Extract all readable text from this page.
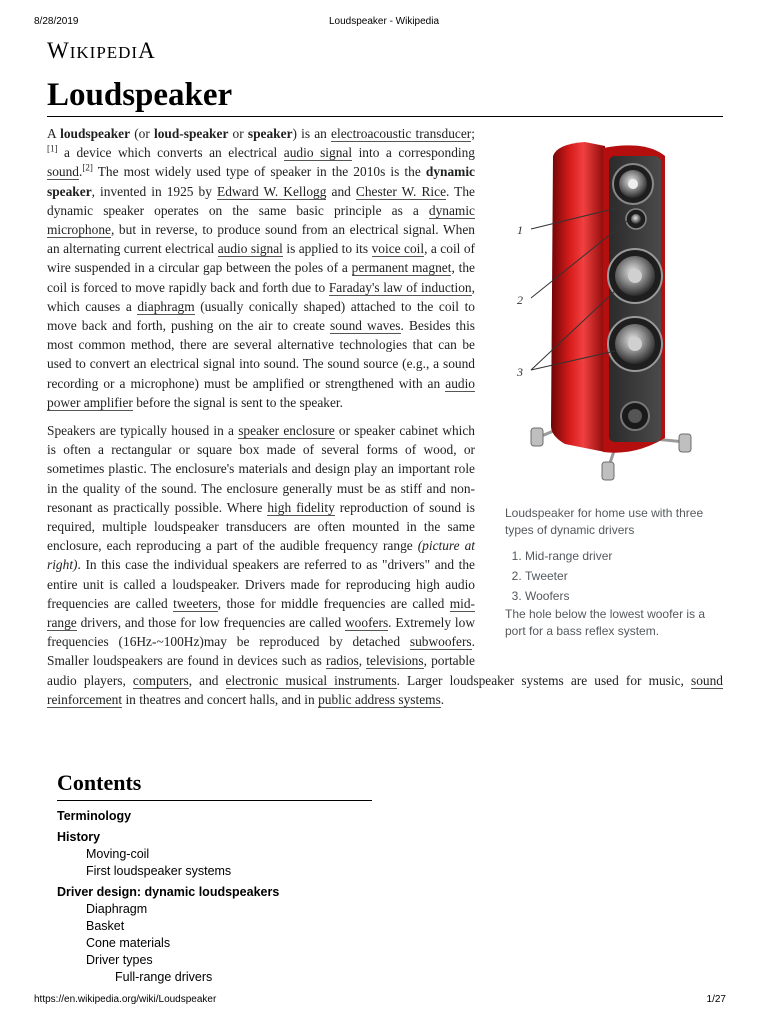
8/28/2019	Loudspeaker - Wikipedia
WIKIPEDIA
Loudspeaker
1
2
3
Loudspeaker for home use with three types of dynamic drivers
1. Mid-range driver
2. Tweeter
3. Woofers
The hole below the lowest woofer is a port for a bass reflex system.

A loudspeaker (or loud-speaker or speaker) is an electroacoustic transducer;[1] a device which converts an electrical audio signal into a corresponding sound.[2] The most widely used type of speaker in the 2010s is the dynamic speaker, invented in 1925 by Edward W. Kellogg and Chester W. Rice. The dynamic speaker operates on the same basic principle as a dynamic microphone, but in reverse, to produce sound from an electrical signal. When an alternating current electrical audio signal is applied to its voice coil, a coil of wire suspended in a circular gap between the poles of a permanent magnet, the coil is forced to move rapidly back and forth due to Faraday's law of induction, which causes a diaphragm (usually conically shaped) attached to the coil to move back and forth, pushing on the air to create sound waves. Besides this most common method, there are several alternative technologies that can be used to convert an electrical signal into sound. The sound source (e.g., a sound recording or a microphone) must be amplified or strengthened with an audio power amplifier before the signal is sent to the speaker.

Speakers are typically housed in a speaker enclosure or speaker cabinet which is often a rectangular or square box made of several forms of wood, or sometimes plastic. The enclosure's materials and design play an important role in the quality of the sound. The enclosure generally must be as stiff and non-resonant as practically possible. Where high fidelity reproduction of sound is required, multiple loudspeaker transducers are often mounted in the same enclosure, each reproducing a part of the audible frequency range (picture at right). In this case the individual speakers are referred to as "drivers" and the entire unit is called a loudspeaker. Drivers made for reproducing high audio frequencies are called tweeters, those for middle frequencies are called mid-range drivers, and those for low frequencies are called woofers. Extremely low frequencies (16Hz-~100Hz)may be reproduced by detached subwoofers. Smaller loudspeakers are found in devices such as radios, televisions, portable audio players, computers, and electronic musical instruments. Larger loudspeaker systems are used for music, sound reinforcement in theatres and concert halls, and in public address systems.

Contents
Terminology
History
Moving-coil
First loudspeaker systems
Driver design: dynamic loudspeakers
Diaphragm
Basket
Cone materials
Driver types
Full-range drivers
https://en.wikipedia.org/wiki/Loudspeaker	1/27
